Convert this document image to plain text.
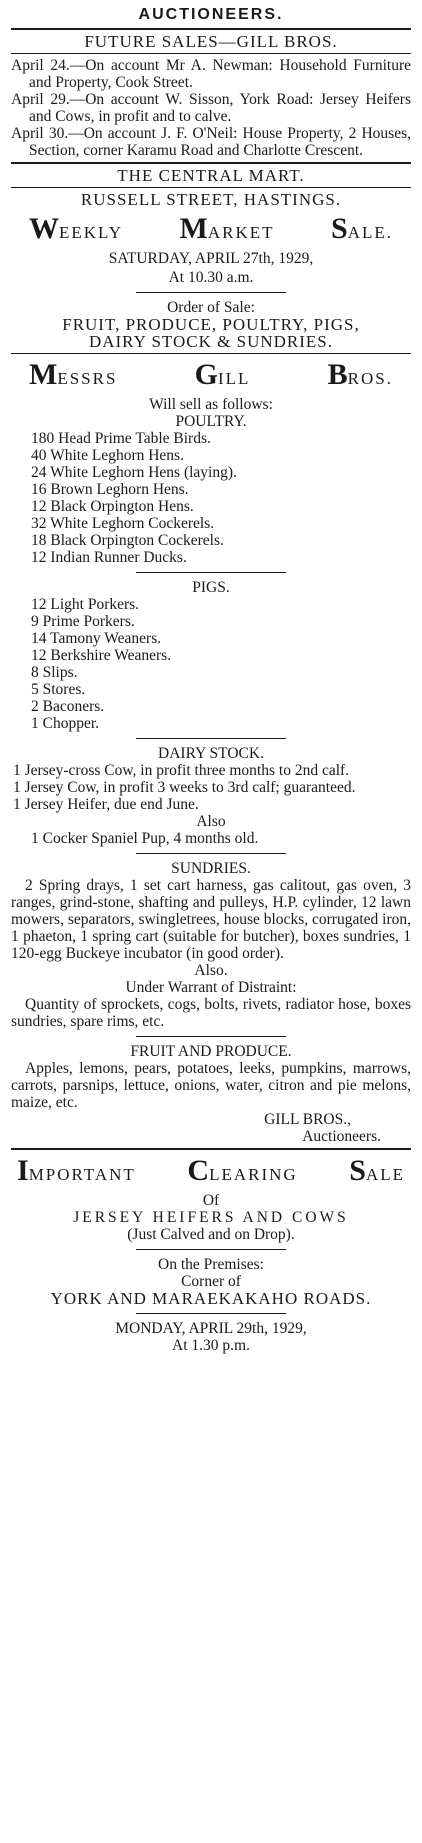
AUCTIONEERS.
FUTURE SALES—GILL BROS.
April 24.—On account Mr A. Newman: Household Furniture and Property, Cook Street.
April 29.—On account W. Sisson, York Road: Jersey Heifers and Cows, in profit and to calve.
April 30.—On account J. F. O'Neil: House Property, 2 Houses, Section, corner Karamu Road and Charlotte Crescent.
THE CENTRAL MART.
RUSSELL STREET, HASTINGS.
WEEKLY MARKET SALE.
SATURDAY, APRIL 27th, 1929,
At 10.30 a.m.
Order of Sale:
FRUIT, PRODUCE, POULTRY, PIGS,
DAIRY STOCK & SUNDRIES.
MESSRS	GILL	BROS.
Will sell as follows:
POULTRY.
180 Head Prime Table Birds.
40 White Leghorn Hens.
24 White Leghorn Hens (laying).
16 Brown Leghorn Hens.
12 Black Orpington Hens.
32 White Leghorn Cockerels.
18 Black Orpington Cockerels.
12 Indian Runner Ducks.
PIGS.
12 Light Porkers.
9 Prime Porkers.
14 Tamony Weaners.
12 Berkshire Weaners.
8 Slips.
5 Stores.
2 Baconers.
1 Chopper.
DAIRY STOCK.
1 Jersey-cross Cow, in profit three months to 2nd calf.
1 Jersey Cow, in profit 3 weeks to 3rd calf; guaranteed.
1 Jersey Heifer, due end June.
Also
1 Cocker Spaniel Pup, 4 months old.
SUNDRIES.
2 Spring drays, 1 set cart harness, gas calitout, gas oven, 3 ranges, grind-stone, shafting and pulleys, H.P. cylinder, 12 lawn mowers, separators, swingletrees, house blocks, corrugated iron, 1 phaeton, 1 spring cart (suitable for butcher), boxes sundries, 1 120-egg Buckeye incubator (in good order).
Also.
Under Warrant of Distraint:
Quantity of sprockets, cogs, bolts, rivets, radiator hose, boxes sundries, spare rims, etc.
FRUIT AND PRODUCE.
Apples, lemons, pears, potatoes, leeks, pumpkins, marrows, carrots, parsnips, lettuce, onions, water, citron and pie melons, maize, etc.
GILL BROS.,
Auctioneers.
IMPORTANT CLEARING SALE
Of
JERSEY HEIFERS AND COWS
(Just Calved and on Drop).
On the Premises:
Corner of
YORK AND MARAEKAKAHO ROADS.
MONDAY, APRIL 29th, 1929,
At 1.30 p.m.
